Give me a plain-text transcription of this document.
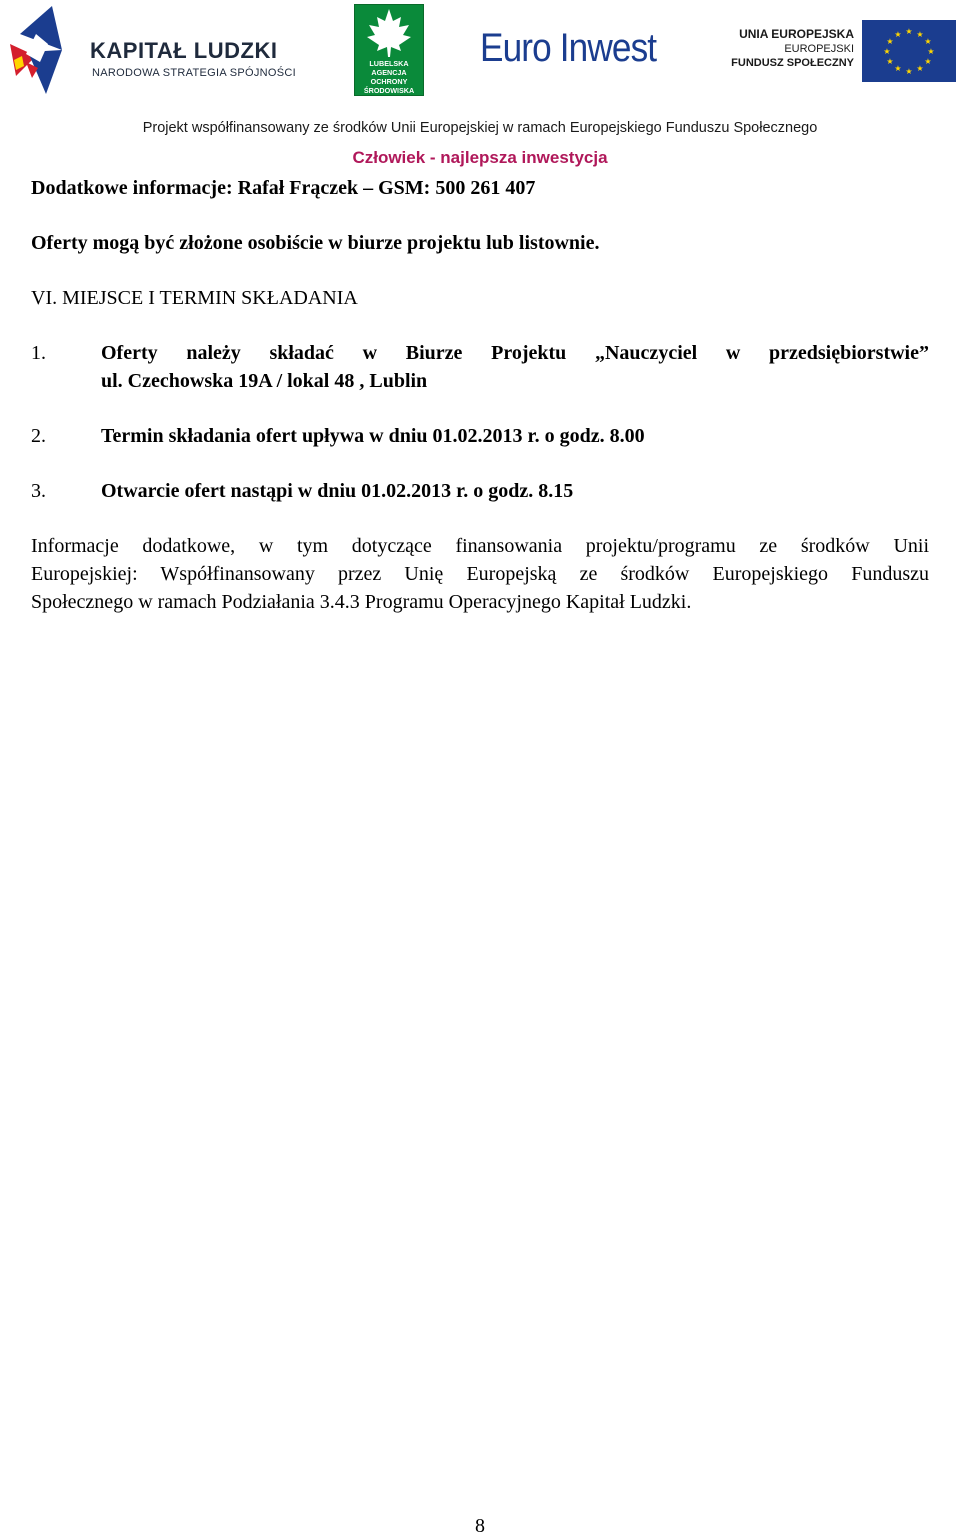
KAPITAŁ LUDZKI
NARODOWA STRATEGIA SPÓJNOŚCI
LUBELSKA
AGENCJA
OCHRONY
ŚRODOWISKA
Euro Inwest	UNIA EUROPEJSKA
EUROPEJSKI
FUNDUSZ SPOŁECZNY
★ ★
★
★
★
★
★
★
★
★
★
★
Projekt współfinansowany ze środków Unii Europejskiej w ramach Europejskiego Funduszu Społecznego
Człowiek - najlepsza inwestycja
Dodatkowe informacje: Rafał Frączek – GSM: 500 261 407
Oferty mogą być złożone osobiście w biurze projektu lub listownie.
VI. MIEJSCE I TERMIN SKŁADANIA
1.	Oferty należy składać w Biurze Projektu „Nauczyciel w przedsiębiorstwie”
ul. Czechowska 19A / lokal 48 , Lublin
2.	Termin składania ofert upływa w dniu 01.02.2013 r. o godz. 8.00
3.	Otwarcie ofert nastąpi w dniu 01.02.2013 r. o godz. 8.15
Informacje dodatkowe, w tym dotyczące finansowania projektu/programu ze środków Unii
Europejskiej: Współfinansowany przez Unię Europejską ze środków Europejskiego Funduszu
Społecznego w ramach Podziałania 3.4.3 Programu Operacyjnego Kapitał Ludzki.
8
